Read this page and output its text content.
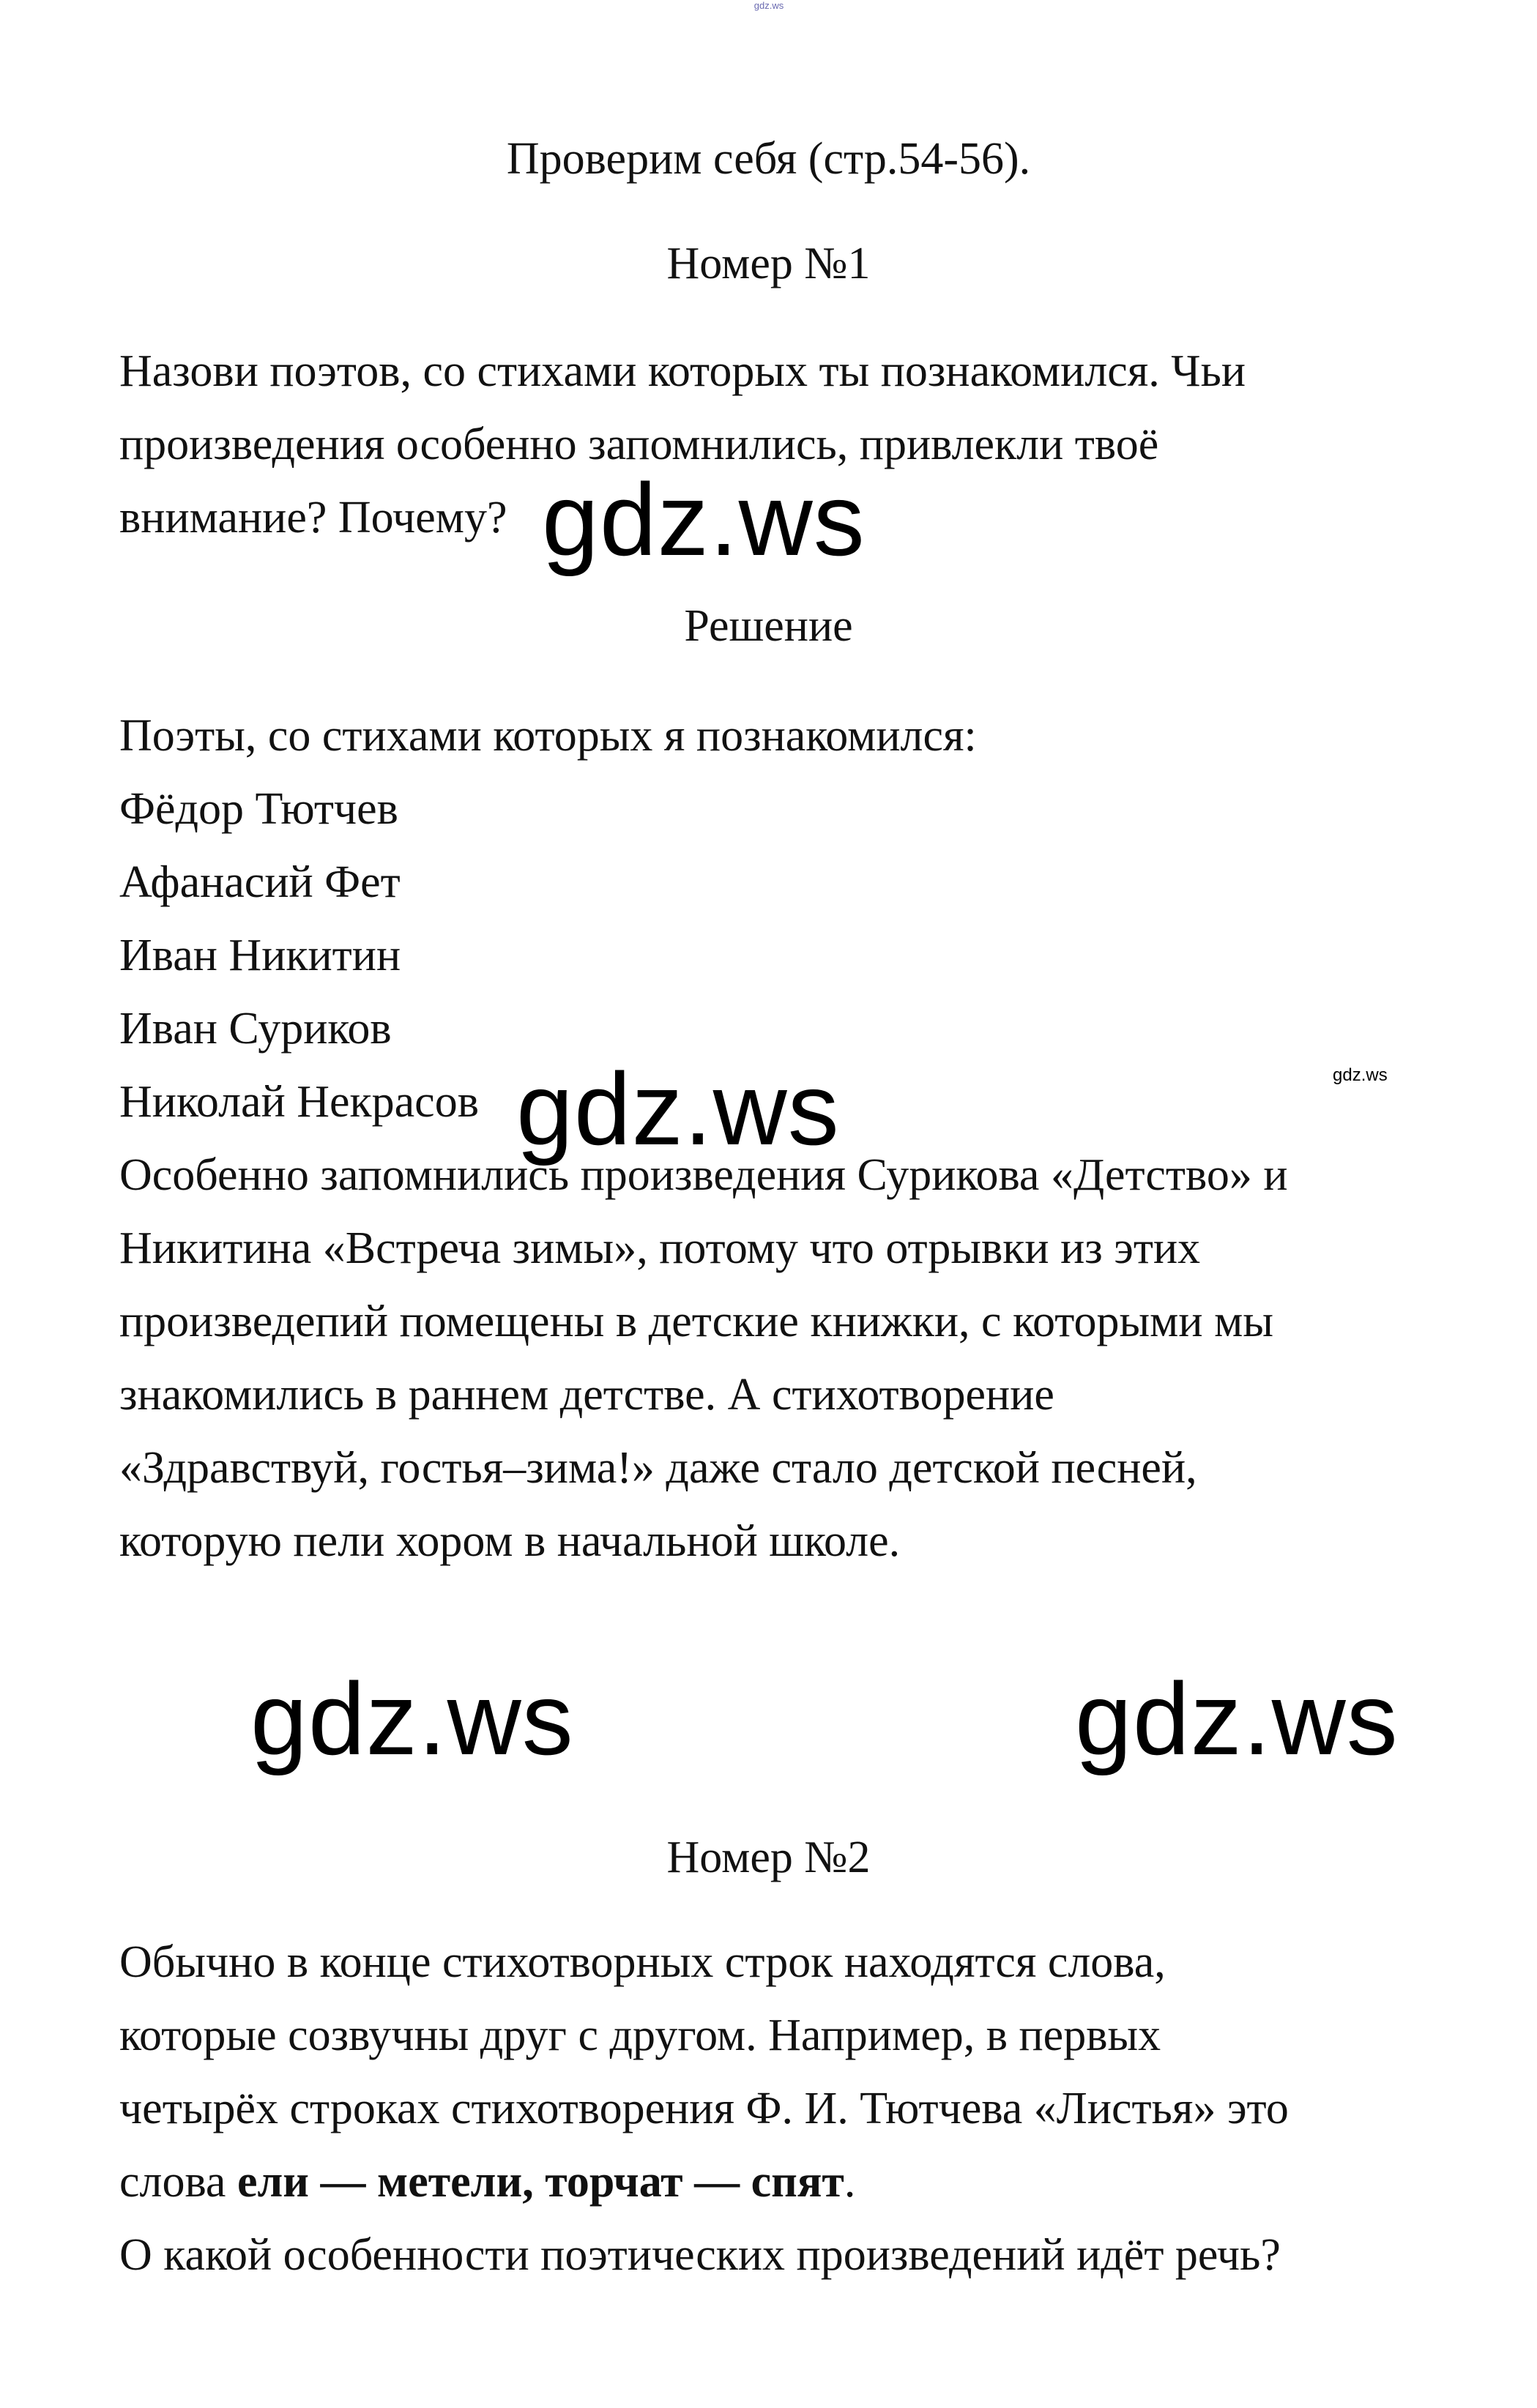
gdz.ws
Проверим себя (стр.54-56).
Номер №1
Назови поэтов, со стихами которых ты познакомился. Чьи
произведения особенно запомнились, привлекли твоё
внимание? Почему? gdz.ws
Решение
Поэты, со стихами которых я познакомился:
Фёдор Тютчев
Афанасий Фет
Иван Никитин
Иван Суриков
Николай Некрасов
gdz.ws
gdz.ws
Особенно запомнились произведения Сурикова «Детство» и
Никитина «Встреча зимы», потому что отрывки из этих
произведепий помещены в детские книжки, с которыми мы
знакомились в раннем детстве. А стихотворение
«Здравствуй, гостья–зима!» даже стало детской песней,
которую пели хором в начальной школе.
gdz.ws	gdz.ws
Номер №2
Обычно в конце стихотворных строк находятся слова,
которые созвучны друг с другом. Например, в первых
четырёх строках стихотворения Ф. И. Тютчева «Листья» это
слова ели — метели, торчат — спят.
О какой особенности поэтических произведений идёт речь?
